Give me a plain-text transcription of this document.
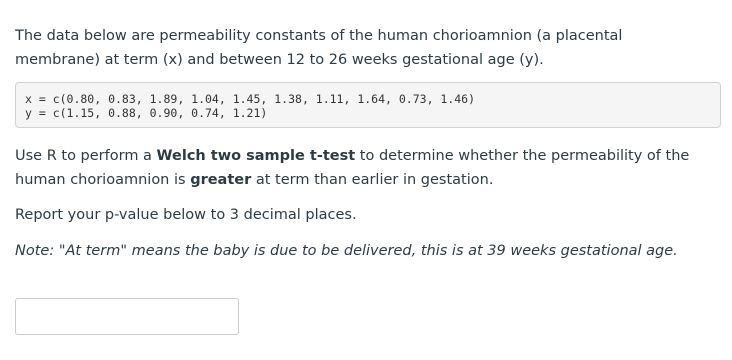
The data below are permeability constants of the human chorioamnion (a placental membrane) at term (x) and between 12 to 26 weeks gestational age (y).

x = c(0.80, 0.83, 1.89, 1.04, 1.45, 1.38, 1.11, 1.64, 0.73, 1.46)
y = c(1.15, 0.88, 0.90, 0.74, 1.21)

Use R to perform a Welch two sample t-test to determine whether the permeability of the human chorioamnion is greater at term than earlier in gestation.

Report your p-value below to 3 decimal places.

Note: "At term" means the baby is due to be delivered, this is at 39 weeks gestational age.
